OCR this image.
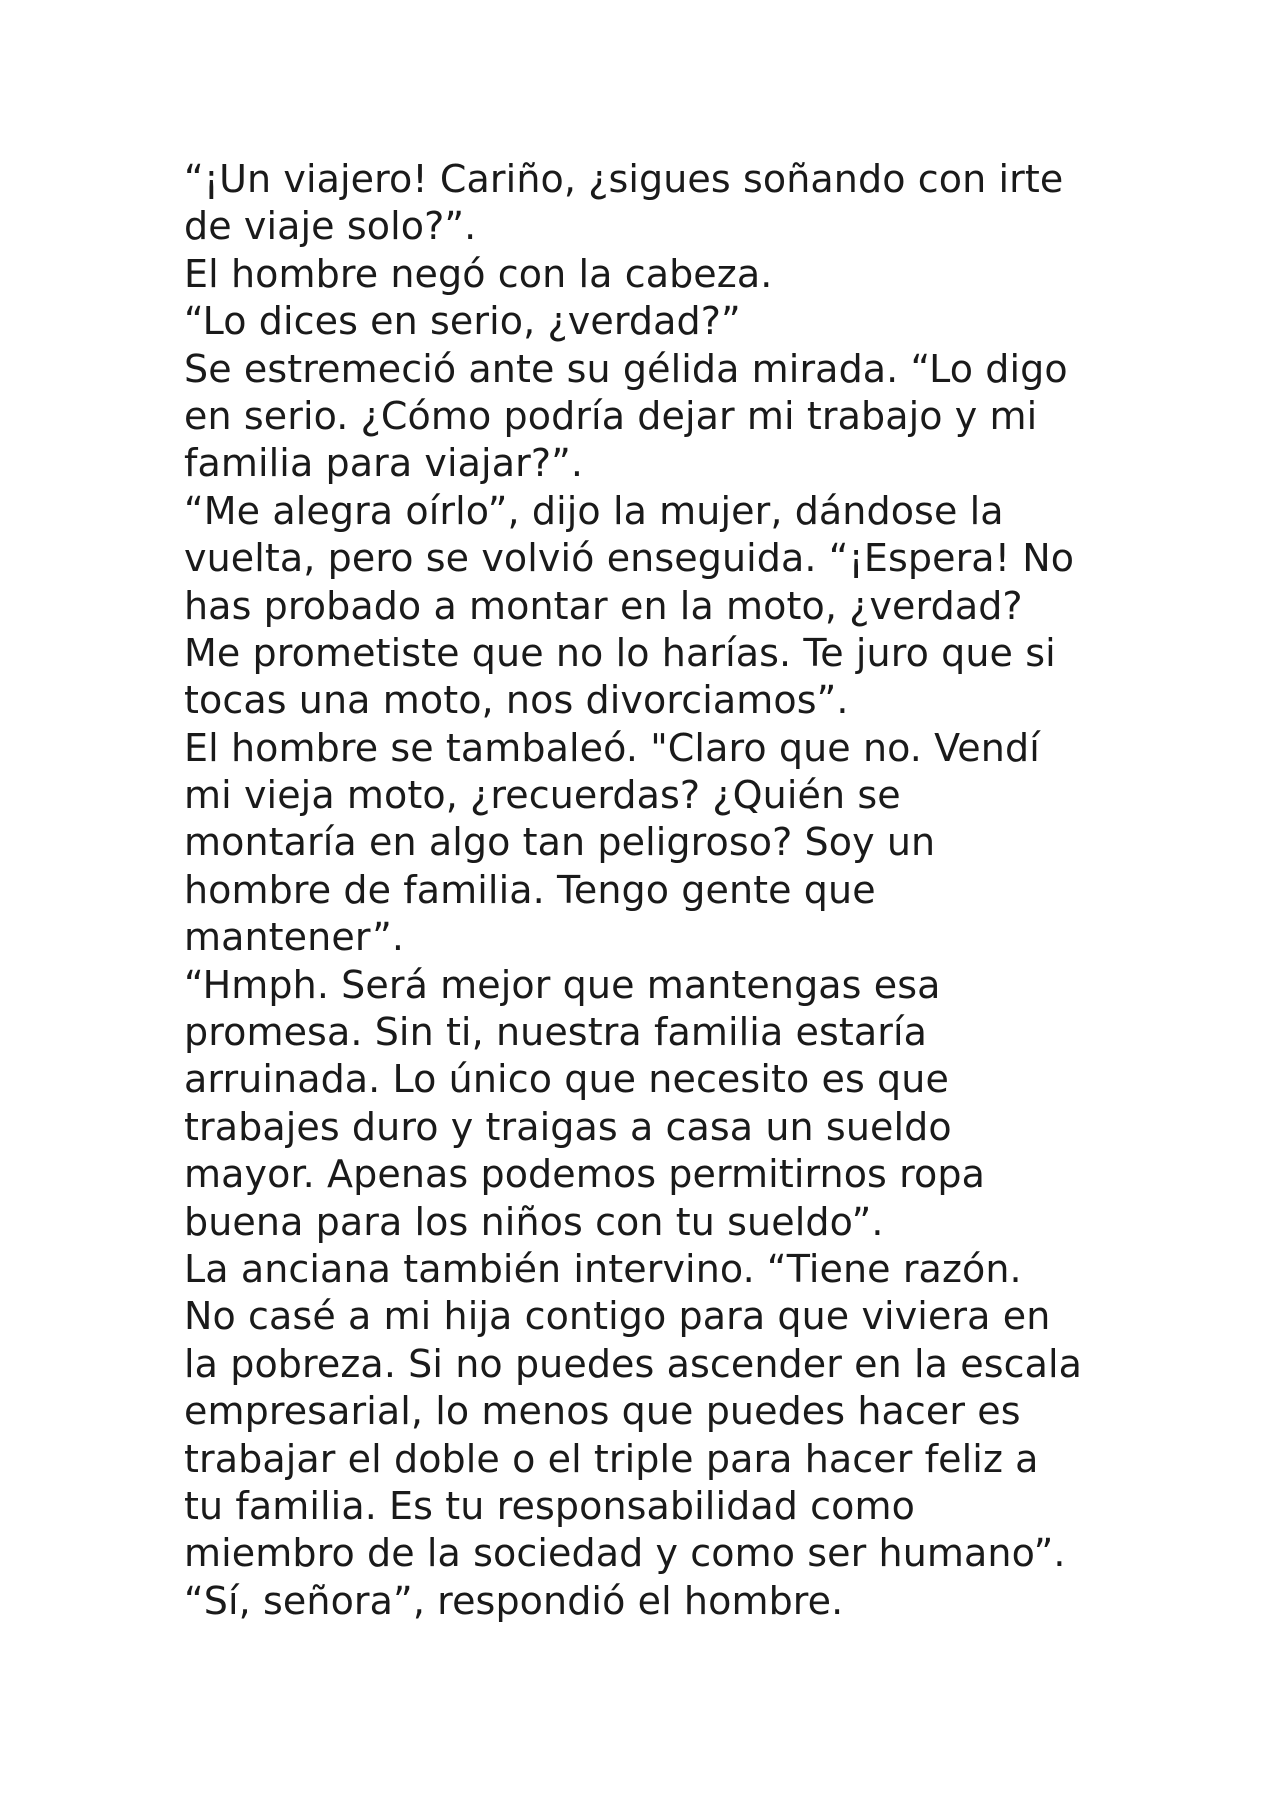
“¡Un viajero! Cariño, ¿sigues soñando con irte
de viaje solo?”.
El hombre negó con la cabeza.
“Lo dices en serio, ¿verdad?”
Se estremeció ante su gélida mirada. “Lo digo
en serio. ¿Cómo podría dejar mi trabajo y mi
familia para viajar?”.
“Me alegra oírlo”, dijo la mujer, dándose la
vuelta, pero se volvió enseguida. “¡Espera! No
has probado a montar en la moto, ¿verdad?
Me prometiste que no lo harías. Te juro que si
tocas una moto, nos divorciamos”.
El hombre se tambaleó. "Claro que no. Vendí
mi vieja moto, ¿recuerdas? ¿Quién se
montaría en algo tan peligroso? Soy un
hombre de familia. Tengo gente que
mantener”.
“Hmph. Será mejor que mantengas esa
promesa. Sin ti, nuestra familia estaría
arruinada. Lo único que necesito es que
trabajes duro y traigas a casa un sueldo
mayor. Apenas podemos permitirnos ropa
buena para los niños con tu sueldo”.
La anciana también intervino. “Tiene razón.
No casé a mi hija contigo para que viviera en
la pobreza. Si no puedes ascender en la escala
empresarial, lo menos que puedes hacer es
trabajar el doble o el triple para hacer feliz a
tu familia. Es tu responsabilidad como
miembro de la sociedad y como ser humano”.
“Sí, señora”, respondió el hombre.
